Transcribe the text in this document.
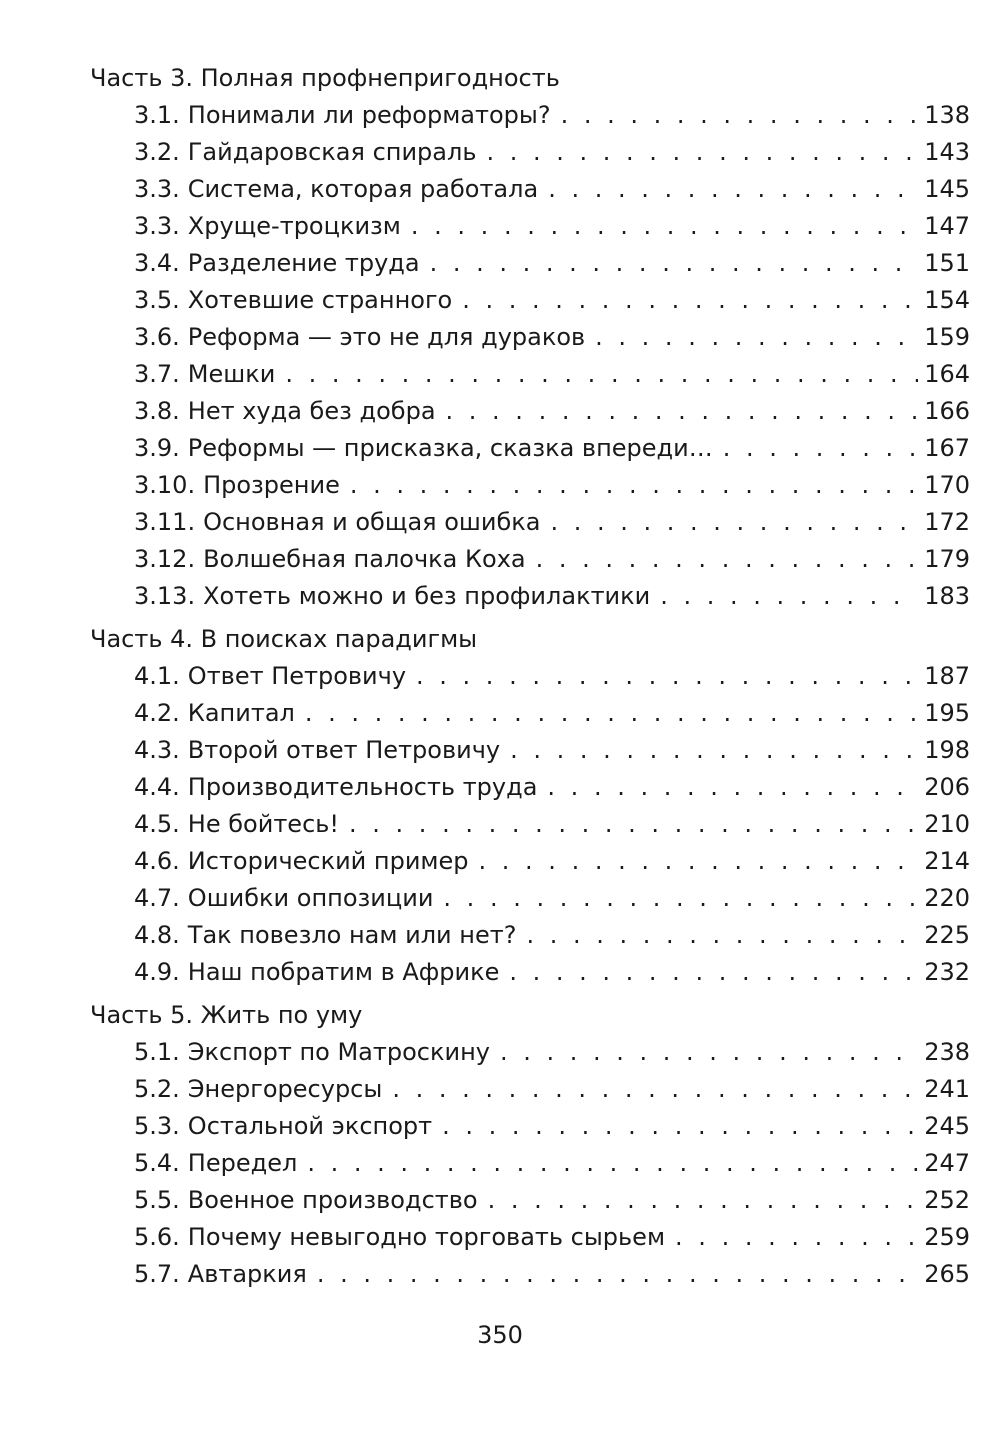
Часть 3. Полная профнепригодность
3.1. Понимали ли реформаторы? . . .	138
3.2. Гайдаровская спираль . . .	143
3.3. Система, которая работала . . .	145
3.3. Хруще-троцкизм . . .	147
3.4. Разделение труда . . .	151
3.5. Хотевшие странного . . .	154
3.6. Реформа — это не для дураков . . .	159
3.7. Мешки . . .	164
3.8. Нет худа без добра . . .	166
3.9. Реформы — присказка, сказка впереди… . . .	167
3.10. Прозрение . . .	170
3.11. Основная и общая ошибка . . .	172
3.12. Волшебная палочка Коха . . .	179
3.13. Хотеть можно и без профилактики . . .	183
Часть 4. В поисках парадигмы
4.1. Ответ Петровичу . . .	187
4.2. Капитал . . .	195
4.3. Второй ответ Петровичу . . .	198
4.4. Производительность труда . . .	206
4.5. Не бойтесь! . . .	210
4.6. Исторический пример . . .	214
4.7. Ошибки оппозиции . . .	220
4.8. Так повезло нам или нет? . . .	225
4.9. Наш побратим в Африке . . .	232
Часть 5. Жить по уму
5.1. Экспорт по Матроскину . . .	238
5.2. Энергоресурсы . . .	241
5.3. Остальной экспорт . . .	245
5.4. Передел . . .	247
5.5. Военное производство . . .	252
5.6. Почему невыгодно торговать сырьем . . .	259
5.7. Автаркия . . .	265
350
